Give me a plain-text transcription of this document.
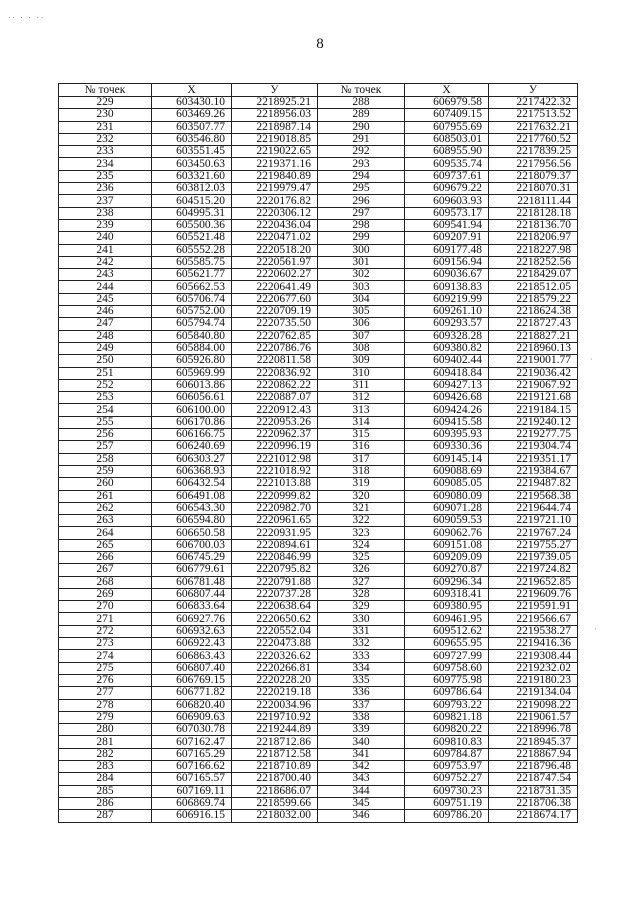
·· · · ··
8
№ точек	X	У	№ точек	X	У
229	603430.10	2218925.21	288	606979.58	2217422.32
230	603469.26	2218956.03	289	607409.15	2217513.52
231	603507.77	2218987.14	290	607955.69	2217632.21
232	603546.80	2219018.85	291	608503.01	2217760.52
233	603551.45	2219022.65	292	608955.90	2217839.25
234	603450.63	2219371.16	293	609535.74	2217956.56
235	603321.60	2219840.89	294	609737.61	2218079.37
236	603812.03	2219979.47	295	609679.22	2218070.31
237	604515.20	2220176.82	296	609603.93	2218111.44
238	604995.31	2220306.12	297	609573.17	2218128.18
239	605500.36	2220436.04	298	609541.94	2218136.70
240	605521.48	2220471.02	299	609207.91	2218206.97
241	605552.28	2220518.20	300	609177.48	2218227.98
242	605585.75	2220561.97	301	609156.94	2218252.56
243	605621.77	2220602.27	302	609036.67	2218429.07
244	605662.53	2220641.49	303	609138.83	2218512.05
245	605706.74	2220677.60	304	609219.99	2218579.22
246	605752.00	2220709.19	305	609261.10	2218624.38
247	605794.74	2220735.50	306	609293.57	2218727.43
248	605840.80	2220762.85	307	609328.28	2218827.21
249	605884.00	2220786.76	308	609380.82	2218960.13
250	605926.80	2220811.58	309	609402.44	2219001.77
251	605969.99	2220836.92	310	609418.84	2219036.42
252	606013.86	2220862.22	311	609427.13	2219067.92
253	606056.61	2220887.07	312	609426.68	2219121.68
254	606100.00	2220912.43	313	609424.26	2219184.15
255	606170.86	2220953.26	314	609415.58	2219240.12
256	606166.75	2220962.37	315	609395.93	2219277.75
257	606240.69	2220996.19	316	609330.36	2219304.74
258	606303.27	2221012.98	317	609145.14	2219351.17
259	606368.93	2221018.92	318	609088.69	2219384.67
260	606432.54	2221013.88	319	609085.05	2219487.82
261	606491.08	2220999.82	320	609080.09	2219568.38
262	606543.30	2220982.70	321	609071.28	2219644.74
263	606594.80	2220961.65	322	609059.53	2219721.10
264	606650.58	2220931.95	323	609062.76	2219767.24
265	606700.03	2220894.61	324	609151.08	2219755.27
266	606745.29	2220846.99	325	609209.09	2219739.05
267	606779.61	2220795.82	326	609270.87	2219724.82
268	606781.48	2220791.88	327	609296.34	2219652.85
269	606807.44	2220737.28	328	609318.41	2219609.76
270	606833.64	2220638.64	329	609380.95	2219591.91
271	606927.76	2220650.62	330	609461.95	2219566.67
272	606932.63	2220552.04	331	609512.62	2219538.27
273	606922.43	2220473.88	332	609655.95	2219416.36
274	606863.43	2220326.62	333	609727.99	2219308.44
275	606807.40	2220266.81	334	609758.60	2219232.02
276	606769.15	2220228.20	335	609775.98	2219180.23
277	606771.82	2220219.18	336	609786.64	2219134.04
278	606820.40	2220034.96	337	609793.22	2219098.22
279	606909.63	2219710.92	338	609821.18	2219061.57
280	607030.78	2219244.89	339	609820.22	2218996.78
281	607162.47	2218712.86	340	609810.83	2218945.37
282	607165.29	2218712.58	341	609784.87	2218867.94
283	607166.62	2218710.89	342	609753.97	2218796.48
284	607165.57	2218700.40	343	609752.27	2218747.54
285	607169.11	2218686.07	344	609730.23	2218731.35
286	606869.74	2218599.66	345	609751.19	2218706.38
287	606916.15	2218032.00	346	609786.20	2218674.17
·
·
